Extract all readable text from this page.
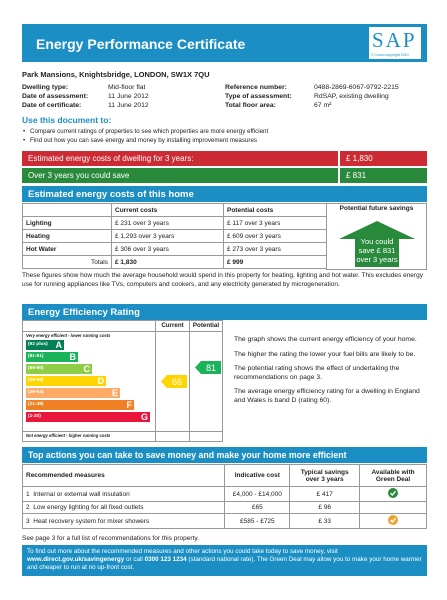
Energy Performance Certificate	SAP
© Crown copyright 2010
Park Mansions, Knightsbridge, LONDON, SW1X 7QU
Dwelling type:	Mid-floor flat	Reference number:	0488-2869-6067-9792-2215
Date of assessment:	11 June 2012	Type of assessment:	RdSAP, existing dwelling
Date of certificate:	11 June 2012	Total floor area:	67 m²
Use this document to:
• Compare current ratings of properties to see which properties are more energy efficient
• Find out how you can save energy and money by installing improvement measures
Estimated energy costs of dwelling for 3 years:	£ 1,830
Over 3 years you could save	£ 831
Estimated energy costs of this home
	Current costs	Potential costs
Lighting	£ 231 over 3 years	£ 117 over 3 years
Heating	£ 1,293 over 3 years	£ 609 over 3 years
Hot Water	£ 306 over 3 years	£ 273 over 3 years
Totals	£ 1,830	£ 999
Potential future savings
You could
save £ 831
over 3 years
These figures show how much the average household would spend in this property for heating, lighting and hot water. This excludes energy use for running appliances like TVs, computers and cookers, and any electricity generated by microgeneration.
Energy Efficiency Rating
Current	Potential
Very energy efficient - lower running costs
(92 plus) A
(81-91)	B
(69-80)	C
(55-68)	D
(39-54)	E
(21-38)	F
(1-20)	G
66
81
Not energy efficient - higher running costs

The graph shows the current energy efficiency of your home.

The higher the rating the lower your fuel bills are likely to be.

The potential rating shows the effect of undertaking the recommendations on page 3.

The average energy efficiency rating for a dwelling in England and Wales is band D (rating 60).

Top actions you can take to save money and make your home more efficient
Recommended measures	Indicative cost	Typical savings over 3 years	Available with Green Deal
1 Internal or external wall insulation	£4,000 - £14,000	£ 417	
2 Low energy lighting for all fixed outlets	£65	£ 96	
3 Heat recovery system for mixer showers	£585 - £725	£ 33	
See page 3 for a full list of recommendations for this property.
To find out more about the recommended measures and other actions you could take today to save money, visit www.direct.gov.uk/savingenergy or call 0300 123 1234 (standard national rate). The Green Deal may allow you to make your home warmer and cheaper to run at no up-front cost.
